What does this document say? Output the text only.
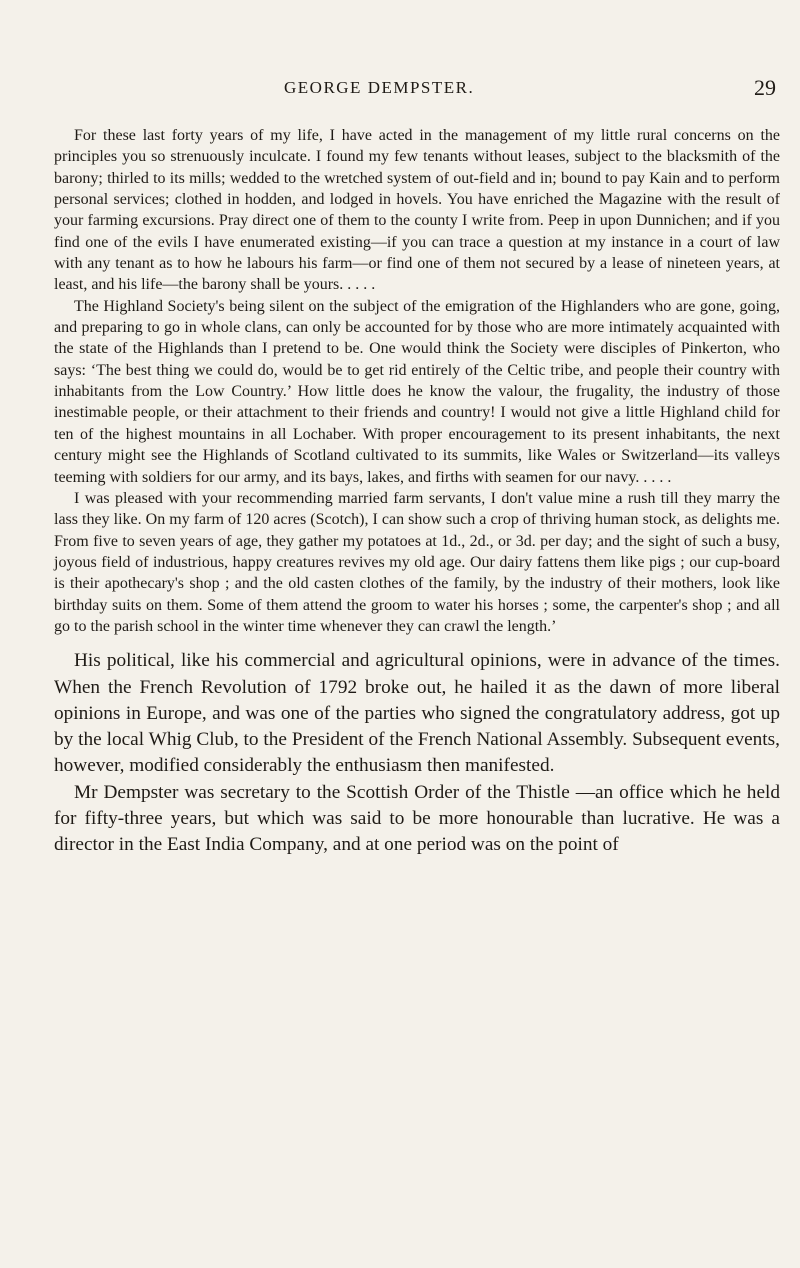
GEORGE DEMPSTER.	29

For these last forty years of my life, I have acted in the management of my little rural concerns on the principles you so strenuously inculcate. I found my few tenants without leases, subject to the blacksmith of the barony; thirled to its mills; wedded to the wretched system of out-field and in; bound to pay Kain and to perform personal services; clothed in hodden, and lodged in hovels. You have enriched the Magazine with the result of your farming excursions. Pray direct one of them to the county I write from. Peep in upon Dunnichen; and if you find one of the evils I have enumerated existing—if you can trace a question at my instance in a court of law with any tenant as to how he labours his farm—or find one of them not secured by a lease of nineteen years, at least, and his life—the barony shall be yours. . . . .

The Highland Society's being silent on the subject of the emigration of the Highlanders who are gone, going, and preparing to go in whole clans, can only be accounted for by those who are more intimately acquainted with the state of the Highlands than I pretend to be. One would think the Society were disciples of Pinkerton, who says: ‘The best thing we could do, would be to get rid entirely of the Celtic tribe, and people their country with inhabitants from the Low Country.’ How little does he know the valour, the frugality, the industry of those inestimable people, or their attachment to their friends and country! I would not give a little Highland child for ten of the highest mountains in all Lochaber. With proper encouragement to its present inhabitants, the next century might see the Highlands of Scotland cultivated to its summits, like Wales or Switzerland—its valleys teeming with soldiers for our army, and its bays, lakes, and firths with seamen for our navy. . . . .

I was pleased with your recommending married farm servants, I don't value mine a rush till they marry the lass they like. On my farm of 120 acres (Scotch), I can show such a crop of thriving human stock, as delights me. From five to seven years of age, they gather my potatoes at 1d., 2d., or 3d. per day; and the sight of such a busy, joyous field of industrious, happy creatures revives my old age. Our dairy fattens them like pigs ; our cup-board is their apothecary's shop ; and the old casten clothes of the family, by the industry of their mothers, look like birthday suits on them. Some of them attend the groom to water his horses ; some, the carpenter's shop ; and all go to the parish school in the winter time whenever they can crawl the length.’

His political, like his commercial and agricultural opinions, were in advance of the times. When the French Revolution of 1792 broke out, he hailed it as the dawn of more liberal opinions in Europe, and was one of the parties who signed the congratulatory address, got up by the local Whig Club, to the President of the French National Assembly. Subsequent events, however, modified considerably the enthusiasm then manifested.

Mr Dempster was secretary to the Scottish Order of the Thistle —an office which he held for fifty-three years, but which was said to be more honourable than lucrative. He was a director in the East India Company, and at one period was on the point of
